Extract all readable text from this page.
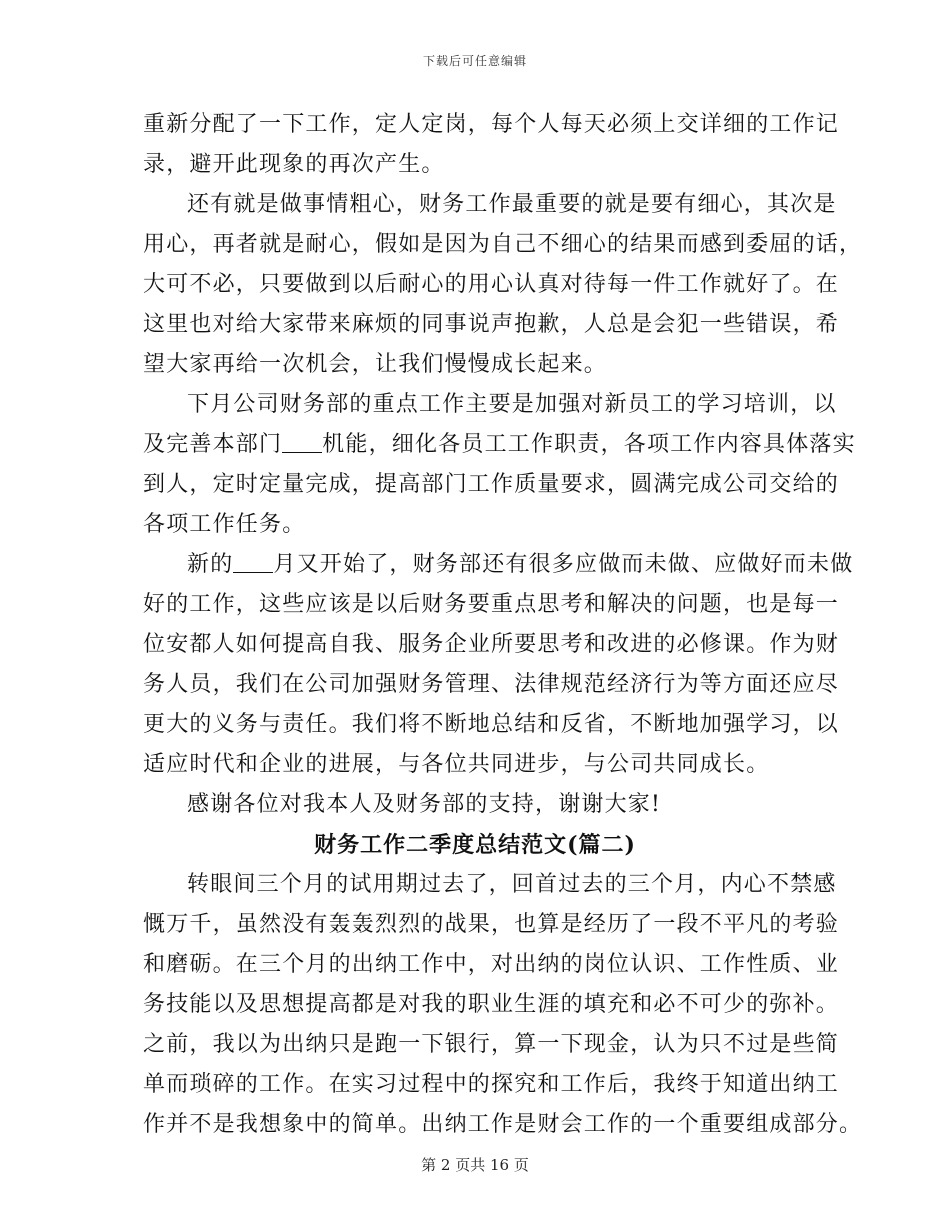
下载后可任意编辑
重新分配了一下工作，定人定岗，每个人每天必须上交详细的工作记
录，避开此现象的再次产生。
还有就是做事情粗心，财务工作最重要的就是要有细心，其次是
用心，再者就是耐心，假如是因为自己不细心的结果而感到委屈的话，
大可不必，只要做到以后耐心的用心认真对待每一件工作就好了。在
这里也对给大家带来麻烦的同事说声抱歉，人总是会犯一些错误，希
望大家再给一次机会，让我们慢慢成长起来。
下月公司财务部的重点工作主要是加强对新员工的学习培训，以
及完善本部门 机能，细化各员工工作职责，各项工作内容具体落实
到人，定时定量完成，提高部门工作质量要求，圆满完成公司交给的
各项工作任务。
新的 月又开始了，财务部还有很多应做而未做、应做好而未做
好的工作，这些应该是以后财务要重点思考和解决的问题，也是每一
位安都人如何提高自我、服务企业所要思考和改进的必修课。作为财
务人员，我们在公司加强财务管理、法律规范经济行为等方面还应尽
更大的义务与责任。我们将不断地总结和反省，不断地加强学习，以
适应时代和企业的进展，与各位共同进步，与公司共同成长。
感谢各位对我本人及财务部的支持，谢谢大家!
财务工作二季度总结范文(篇二)
转眼间三个月的试用期过去了，回首过去的三个月，内心不禁感
慨万千，虽然没有轰轰烈烈的战果，也算是经历了一段不平凡的考验
和磨砺。在三个月的出纳工作中，对出纳的岗位认识、工作性质、业
务技能以及思想提高都是对我的职业生涯的填充和必不可少的弥补。
之前，我以为出纳只是跑一下银行，算一下现金，认为只不过是些简
单而琐碎的工作。在实习过程中的探究和工作后，我终于知道出纳工
作并不是我想象中的简单。出纳工作是财会工作的一个重要组成部分。
第 2 页共 16 页
